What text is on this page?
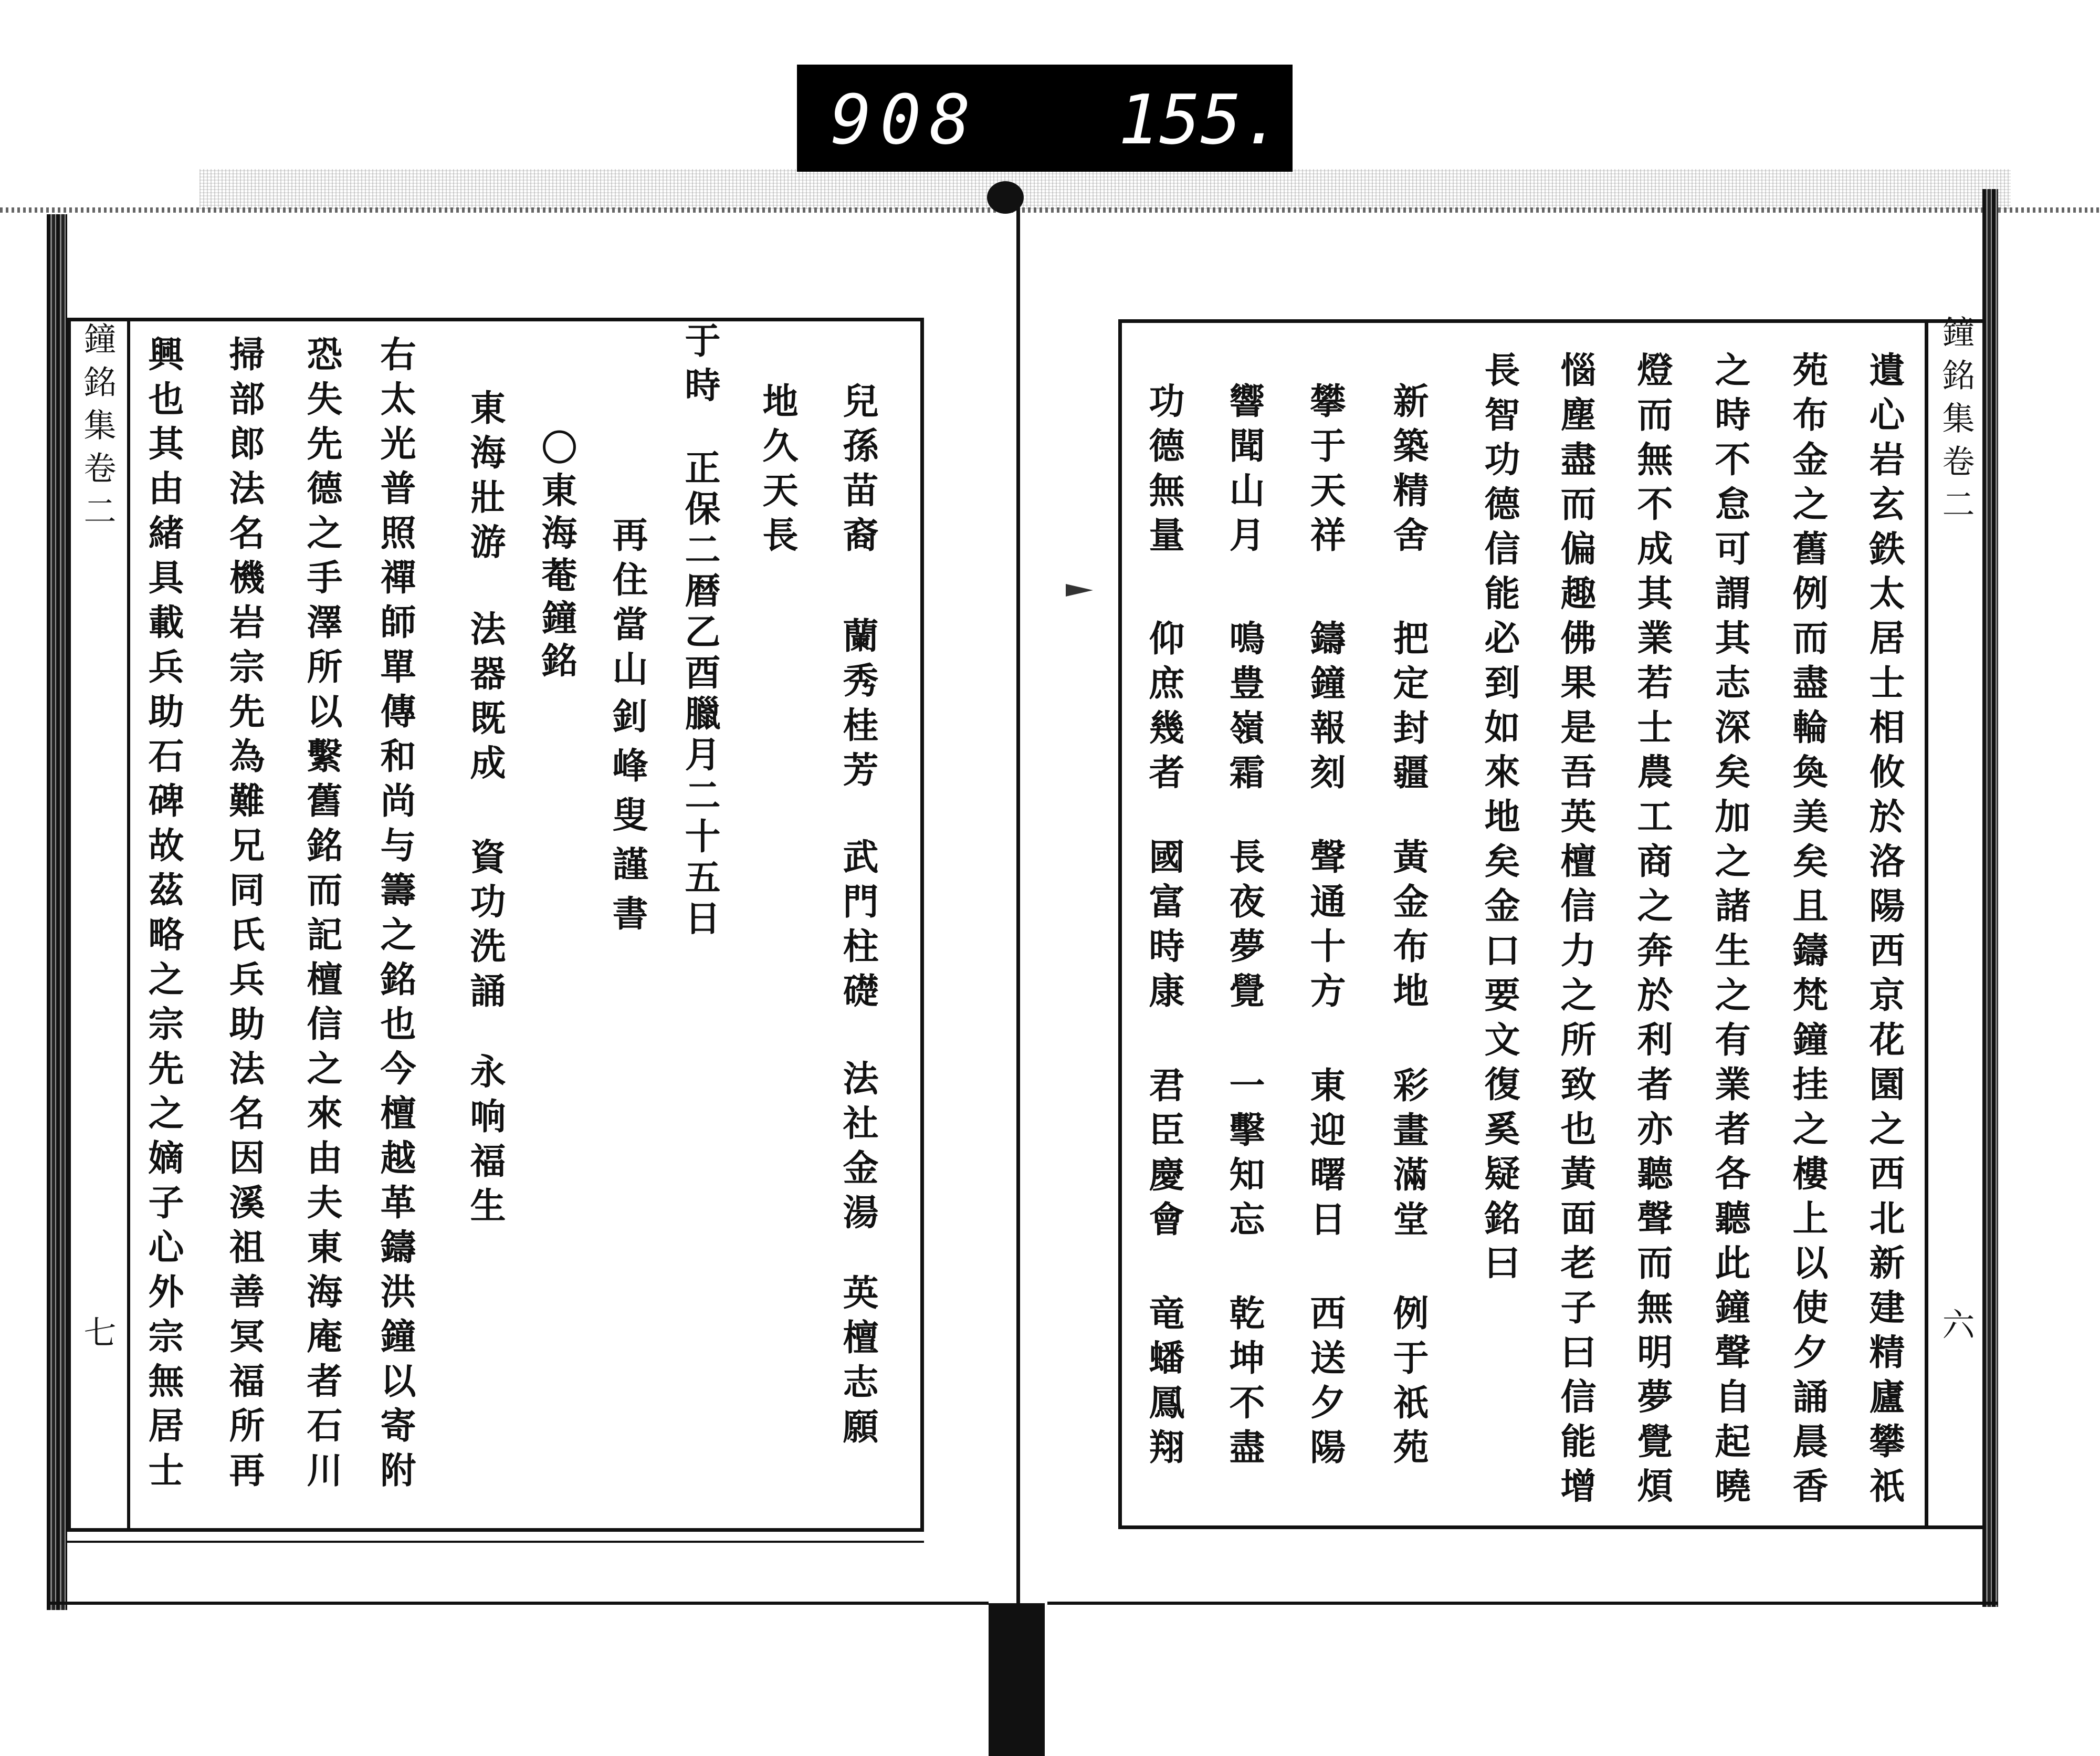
908 155.
鐘銘集卷二
六
遺心岩玄鉄太居士相攸於洛陽西京花園之西北新建精廬攀祇
苑布金之舊例而盡輪奐美矣且鑄梵鐘挂之樓上以使夕誦晨香
之時不怠可謂其志深矣加之諸生之有業者各聽此鐘聲自起曉
燈而無不成其業若士農工商之奔於利者亦聽聲而無明夢覺煩
惱塵盡而偏趣佛果是吾英檀信力之所致也黃面老子曰信能增
長智功德信能必到如來地矣金口要文復奚疑銘曰
新築精舍
把定封疆
黃金布地
彩畫滿堂
例于祇苑
攀于天祥
鑄鐘報刻
聲通十方
東迎曙日
西送夕陽
響聞山月
鳴豊嶺霜
長夜夢覺
一擊知忘
乾坤不盡
功德無量
仰庶幾者
國富時康
君臣慶會
竜蟠鳳翔
兒孫苗裔
蘭秀桂芳
武門柱礎
法社金湯
英檀志願
地久天長
于時
正保二暦乙酉臘月二十五日
再住當山
釗峰叟謹書
〇東海菴鐘銘
東海壯游
法器既成
資功洗誦
永响福生
右太光普照禪師單傳和尚与籌之銘也今檀越革鑄洪鐘以寄附
恐失先德之手澤所以繫舊銘而記檀信之來由夫東海庵者石川
掃部郎法名機岩宗先為難兄同氏兵助法名因溪祖善冥福所再
興也其由緒具載兵助石碑故茲略之宗先之嫡子心外宗無居士
鐘銘集卷二
七
